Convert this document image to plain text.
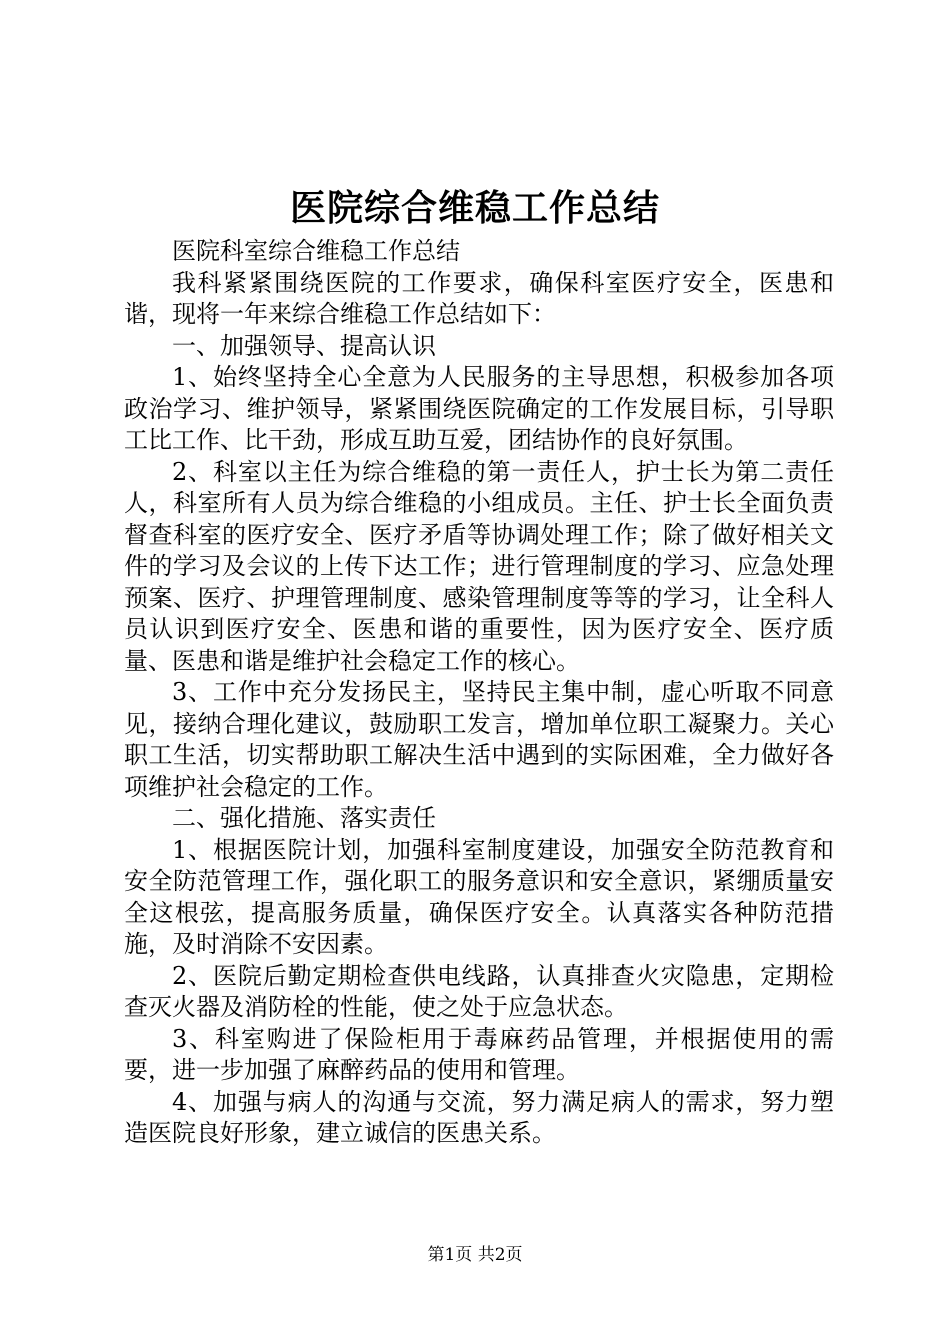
医院综合维稳工作总结

医院科室综合维稳工作总结

我科紧紧围绕医院的工作要求，确保科室医疗安全，医患和谐，现将一年来综合维稳工作总结如下：

一、加强领导、提高认识

1、始终坚持全心全意为人民服务的主导思想，积极参加各项政治学习、维护领导，紧紧围绕医院确定的工作发展目标，引导职工比工作、比干劲，形成互助互爱，团结协作的良好氛围。

2、科室以主任为综合维稳的第一责任人，护士长为第二责任人，科室所有人员为综合维稳的小组成员。主任、护士长全面负责督查科室的医疗安全、医疗矛盾等协调处理工作；除了做好相关文件的学习及会议的上传下达工作；进行管理制度的学习、应急处理预案、医疗、护理管理制度、感染管理制度等等的学习，让全科人员认识到医疗安全、医患和谐的重要性，因为医疗安全、医疗质量、医患和谐是维护社会稳定工作的核心。

3、工作中充分发扬民主，坚持民主集中制，虚心听取不同意见，接纳合理化建议，鼓励职工发言，增加单位职工凝聚力。关心职工生活，切实帮助职工解决生活中遇到的实际困难，全力做好各项维护社会稳定的工作。

二、强化措施、落实责任

1、根据医院计划，加强科室制度建设，加强安全防范教育和安全防范管理工作，强化职工的服务意识和安全意识，紧绷质量安全这根弦，提高服务质量，确保医疗安全。认真落实各种防范措施，及时消除不安因素。

2、医院后勤定期检查供电线路，认真排查火灾隐患，定期检查灭火器及消防栓的性能，使之处于应急状态。

3、科室购进了保险柜用于毒麻药品管理，并根据使用的需要，进一步加强了麻醉药品的使用和管理。

4、加强与病人的沟通与交流，努力满足病人的需求，努力塑造医院良好形象，建立诚信的医患关系。

第1页 共2页
